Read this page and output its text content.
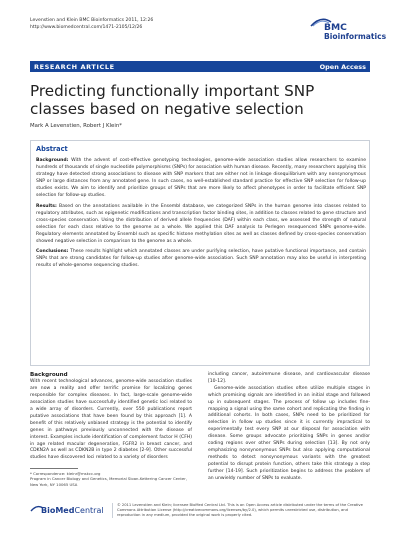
Levenstien and Klein BMC Bioinformatics 2011, 12:26
http://www.biomedcentral.com/1471-2105/12/26	BMC
Bioinformatics
RESEARCH ARTICLE	Open Access
Predicting functionally important SNP classes based on negative selection
Mark A Levenstien, Robert J Klein*
Abstract

Background: With the advent of cost-effective genotyping technologies, genome-wide association studies allow researchers to examine hundreds of thousands of single nucleotide polymorphisms (SNPs) for association with human disease. Recently, many researchers applying this strategy have detected strong associations to disease with SNP markers that are either not in linkage disequilibrium with any nonsynonymous SNP or large distances from any annotated gene. In such cases, no well-established standard practice for effective SNP selection for follow-up studies exists. We aim to identify and prioritize groups of SNPs that are more likely to affect phenotypes in order to facilitate efficient SNP selection for follow-up studies.

Results: Based on the annotations available in the Ensembl database, we categorized SNPs in the human genome into classes related to regulatory attributes, such as epigenetic modifications and transcription factor binding sites, in addition to classes related to gene structure and cross-species conservation. Using the distribution of derived allele frequencies (DAF) within each class, we assessed the strength of natural selection for each class relative to the genome as a whole. We applied this DAF analysis to Perlegen resequenced SNPs genome-wide. Regulatory elements annotated by Ensembl such as specific histone methylation sites as well as classes defined by cross-species conservation showed negative selection in comparison to the genome as a whole.

Conclusions: These results highlight which annotated classes are under purifying selection, have putative functional importance, and contain SNPs that are strong candidates for follow-up studies after genome-wide association. Such SNP annotation may also be useful in interpreting results of whole-genome sequencing studies.

Background

With recent technological advances, genome-wide association studies are now a reality and offer terrific promise for localizing genes responsible for complex diseases. In fact, large-scale genome-wide association studies have successfully identified genetic loci related to a wide array of disorders. Currently, over 550 publications report putative associations that have been found by this approach [1]. A benefit of this relatively unbiased strategy is the potential to identify genes in pathways previously unconnected with the disease of interest. Examples include identification of complement factor H (CFH) in age related macular degeneration, FGFR2 in breast cancer, and CDKN2A as well as CDKN2B in type 2 diabetes [2-9]. Other successful studies have discovered loci related to a variety of disorders

including cancer, autoimmune disease, and cardiovascular disease [10-12].

Genome-wide association studies often utilize multiple stages in which promising signals are identified in an initial stage and followed up in subsequent stages. The process of follow up includes fine-mapping a signal using the same cohort and replicating the finding in additional cohorts. In both cases, SNPs need to be prioritized for selection in follow up studies since it is currently impractical to experimentally test every SNP at our disposal for association with disease. Some groups advocate prioritizing SNPs in genes and/or coding regions over other SNPs during selection [13]. By not only emphasizing nonsynonymous SNPs but also applying computational methods to detect nonsynonymous variants with the greatest potential to disrupt protein function, others take this strategy a step further [14-19]. Such prioritization begins to address the problem of an unwieldy number of SNPs to evaluate.

* Correspondence: kleinr@mskcc.org
Program in Cancer Biology and Genetics, Memorial Sloan-Kettering Cancer Center, New York, NY 10065 USA
BioMedCentral
© 2011 Levenstien and Klein; licensee BioMed Central Ltd. This is an Open Access article distributed under the terms of the Creative Commons Attribution License (http://creativecommons.org/licenses/by/2.0), which permits unrestricted use, distribution, and reproduction in any medium, provided the original work is properly cited.
